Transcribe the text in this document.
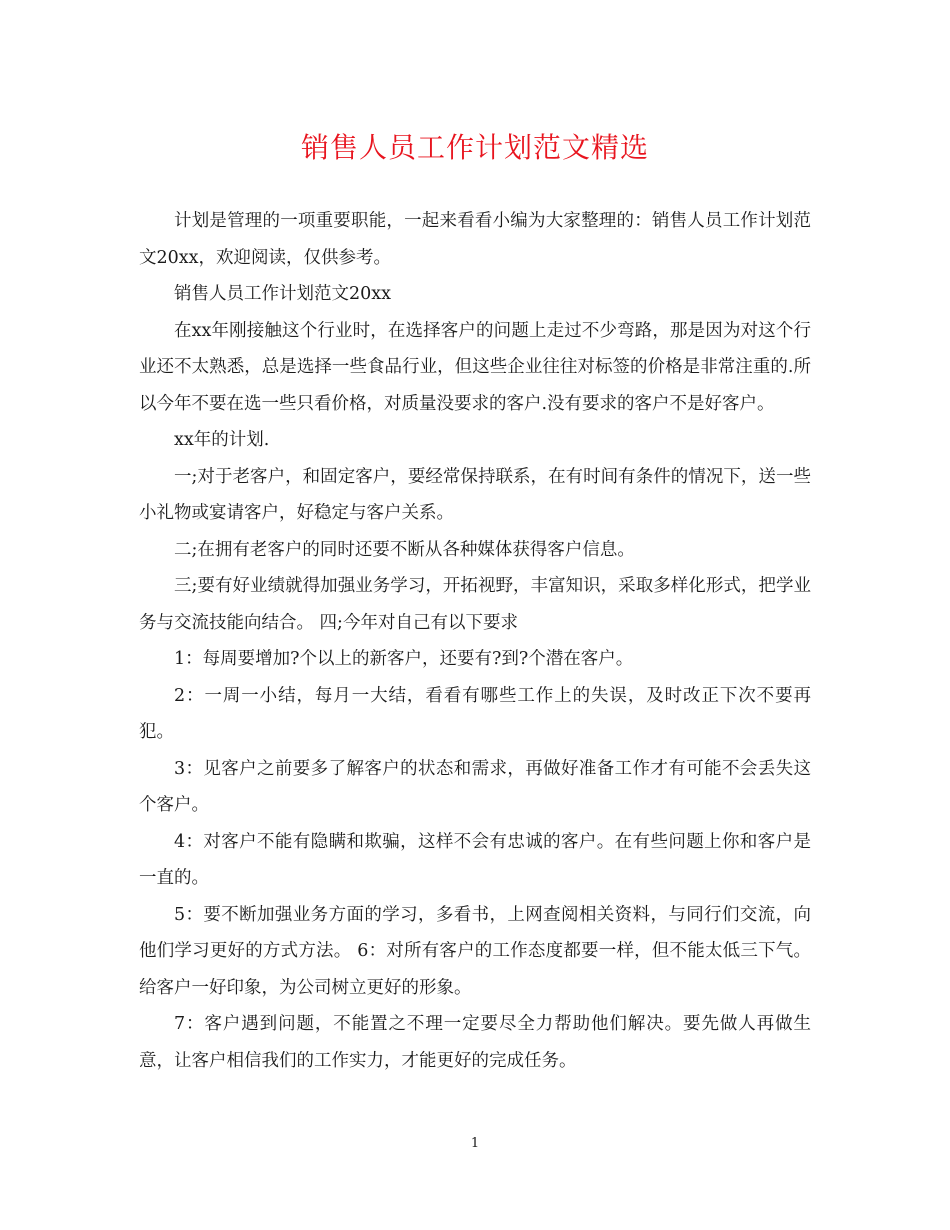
销售人员工作计划范文精选

计划是管理的一项重要职能，一起来看看小编为大家整理的：销售人员工作计划范文20xx，欢迎阅读，仅供参考。

销售人员工作计划范文20xx

在xx年刚接触这个行业时，在选择客户的问题上走过不少弯路，那是因为对这个行业还不太熟悉，总是选择一些食品行业，但这些企业往往对标签的价格是非常注重的.所以今年不要在选一些只看价格，对质量没要求的客户.没有要求的客户不是好客户。

xx年的计划.

一;对于老客户，和固定客户，要经常保持联系，在有时间有条件的情况下，送一些小礼物或宴请客户，好稳定与客户关系。

二;在拥有老客户的同时还要不断从各种媒体获得客户信息。

三;要有好业绩就得加强业务学习，开拓视野，丰富知识，采取多样化形式，把学业务与交流技能向结合。 四;今年对自己有以下要求

1：每周要增加?个以上的新客户，还要有?到?个潜在客户。

2：一周一小结，每月一大结，看看有哪些工作上的失误，及时改正下次不要再犯。

3：见客户之前要多了解客户的状态和需求，再做好准备工作才有可能不会丢失这个客户。

4：对客户不能有隐瞒和欺骗，这样不会有忠诚的客户。在有些问题上你和客户是一直的。

5：要不断加强业务方面的学习，多看书，上网查阅相关资料，与同行们交流，向他们学习更好的方式方法。 6：对所有客户的工作态度都要一样，但不能太低三下气。给客户一好印象，为公司树立更好的形象。

7：客户遇到问题，不能置之不理一定要尽全力帮助他们解决。要先做人再做生意，让客户相信我们的工作实力，才能更好的完成任务。

1
